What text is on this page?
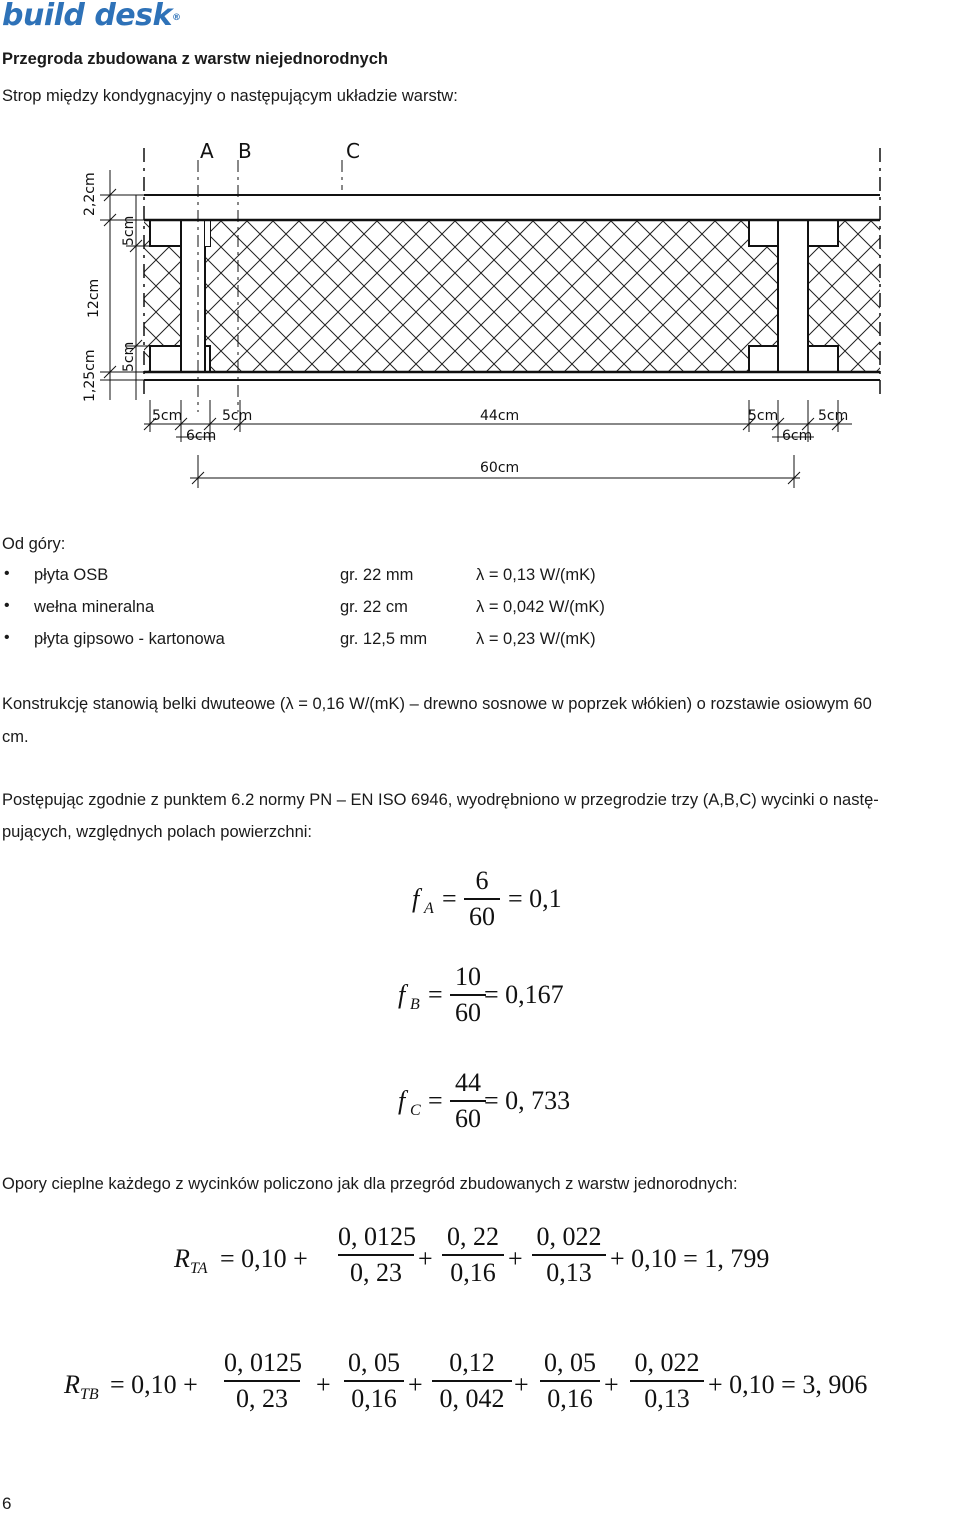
build desk®
Przegroda zbudowana z warstw niejednorodnych
Strop między kondygnacyjny o następującym układzie warstw:
A B	C
2,2cm
5cm
12cm
5cm
1,25cm
5cm	5cm	44cm	5cm	5cm
6cm	6cm
60cm
Od góry:
• płyta OSB	gr. 22 mm	λ = 0,13 W/(mK)
• wełna mineralna	gr. 22 cm	λ = 0,042 W/(mK)
• płyta gipsowo - kartonowa	gr. 12,5 mm	λ = 0,23 W/(mK)
Konstrukcję stanowią belki dwuteowe (λ = 0,16 W/(mK) – drewno sosnowe w poprzek włókien) o rozstawie osiowym 60
cm.
Postępując zgodnie z punktem 6.2 normy PN – EN ISO 6946, wyodrębniono w przegrodzie trzy (A,B,C) wycinki o nastę-
pujących, względnych polach powierzchni:
f A =
6
60
= 0,1
f B =
10
60
= 0,167
f C =
44
60
= 0, 733
Opory cieplne każdego z wycinków policzono jak dla przegród zbudowanych z warstw jednorodnych:
R TA = 0,10 +
0, 0125
0, 23 +
0, 22
0,16 +
0, 022
0,13 + 0,10 = 1, 799
R TB = 0,10 +
0, 0125
0, 23	+
0, 05
0,16 +
0,12
0, 042 +
0, 05
0,16 +
0, 022
0,13 + 0,10 = 3, 906
6
